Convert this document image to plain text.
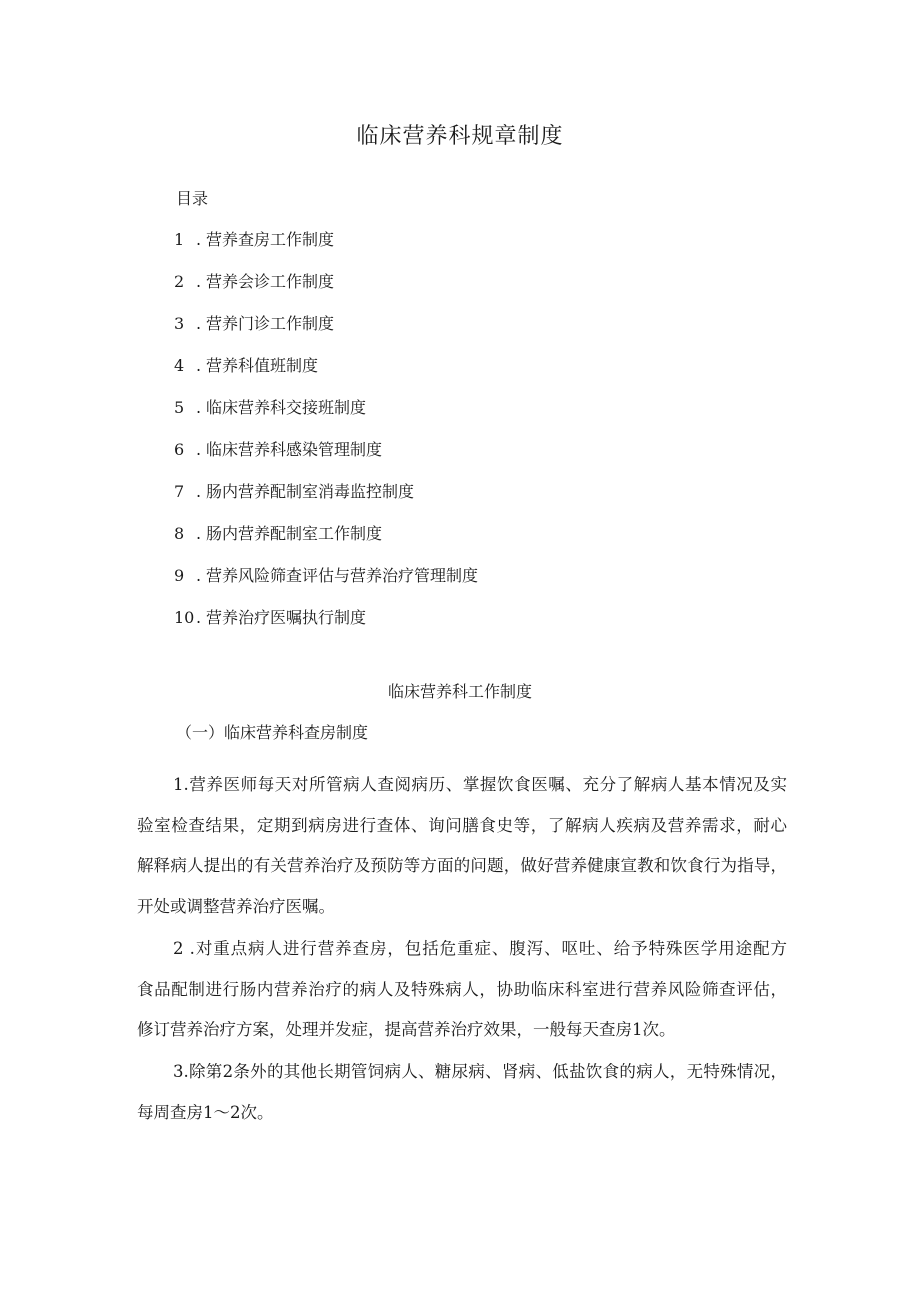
临床营养科规章制度
目录
1 . 营养查房工作制度
2 . 营养会诊工作制度
3 . 营养门诊工作制度
4 . 营养科值班制度
5 . 临床营养科交接班制度
6 . 临床营养科感染管理制度
7 . 肠内营养配制室消毒监控制度
8 . 肠内营养配制室工作制度
9 . 营养风险筛查评估与营养治疗管理制度
10 . 营养治疗医嘱执行制度
临床营养科工作制度
（一）临床营养科查房制度
1.营养医师每天对所管病人查阅病历、掌握饮食医嘱、充分了解病人基本情况及实
验室检查结果，定期到病房进行查体、询问膳食史等，了解病人疾病及营养需求，耐心
解释病人提出的有关营养治疗及预防等方面的问题，做好营养健康宣教和饮食行为指导，
开处或调整营养治疗医嘱。
2 .对重点病人进行营养查房，包括危重症、腹泻、呕吐、给予特殊医学用途配方
食品配制进行肠内营养治疗的病人及特殊病人，协助临床科室进行营养风险筛查评估，
修订营养治疗方案，处理并发症，提高营养治疗效果，一般每天查房1次。
3.除第2条外的其他长期管饲病人、糖尿病、肾病、低盐饮食的病人，无特殊情况，
每周查房1～2次。
